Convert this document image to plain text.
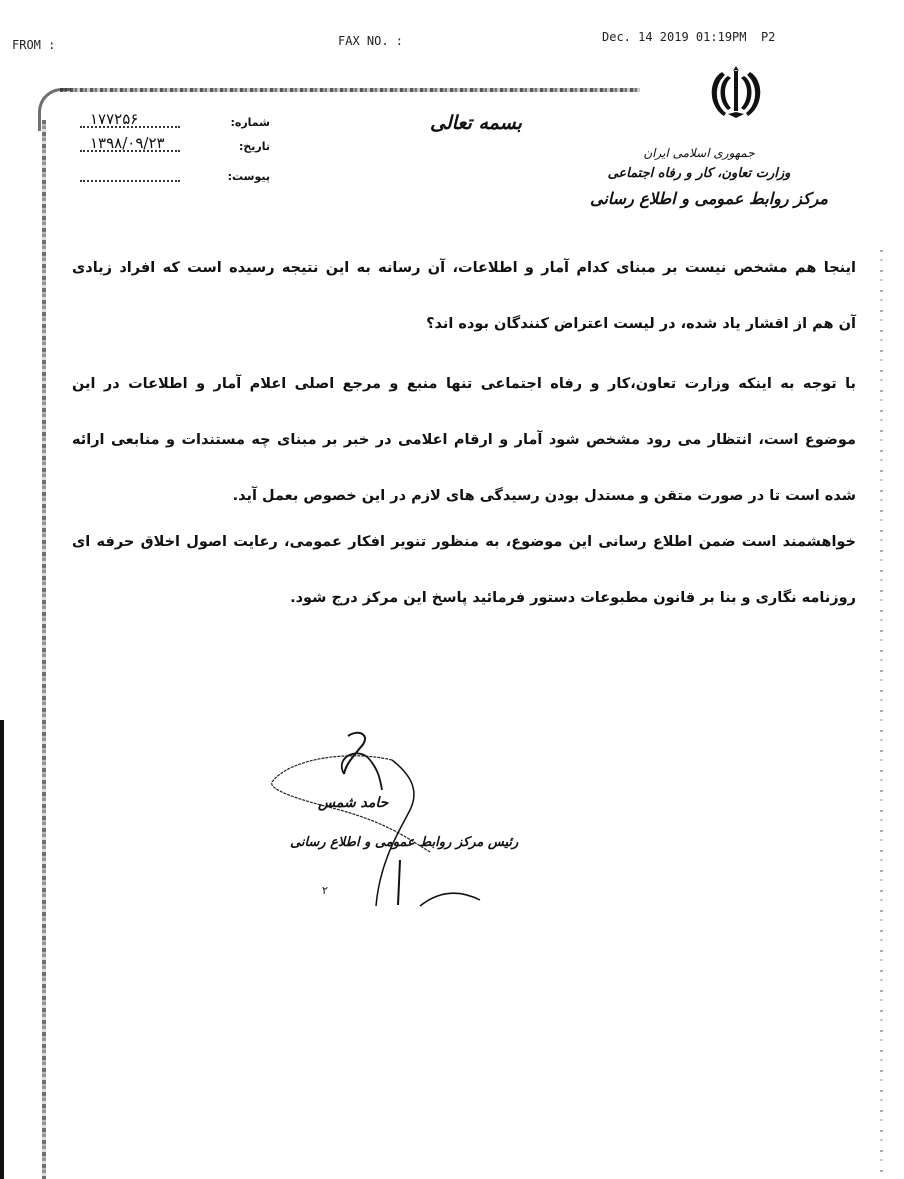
FROM :	FAX NO. :	Dec. 14 2019 01:19PM P2
شماره:
۱۷۷۲۵۶
تاریخ:
۱۳۹۸/۰۹/۲۳
پیوست:
بسمه تعالی
جمهوری اسلامی ایران
وزارت تعاون، کار و رفاه اجتماعی
مرکز روابط عمومی و اطلاع رسانی
اینجا هم مشخص نیست بر مبنای کدام آمار و اطلاعات، آن رسانه به این نتیجه رسیده است که افراد زیادی
آن هم از اقشار یاد شده، در لیست اعتراض کنندگان بوده اند؟
با توجه به اینکه وزارت تعاون،کار و رفاه اجتماعی تنها منبع و مرجع اصلی اعلام آمار و اطلاعات در این
موضوع است، انتظار می رود مشخص شود آمار و ارقام اعلامی در خبر بر مبنای چه مستندات و منابعی ارائه
شده است تا در صورت متقن و مستدل بودن رسیدگی های لازم در این خصوص بعمل آید.
خواهشمند است ضمن اطلاع رسانی این موضوع، به منظور تنویر افکار عمومی، رعایت اصول اخلاق حرفه ای
روزنامه نگاری و بنا بر قانون مطبوعات دستور فرمائید پاسخ این مرکز درج شود.
حامد شمس
رئیس مرکز روابط عمومی و اطلاع رسانی
۲
